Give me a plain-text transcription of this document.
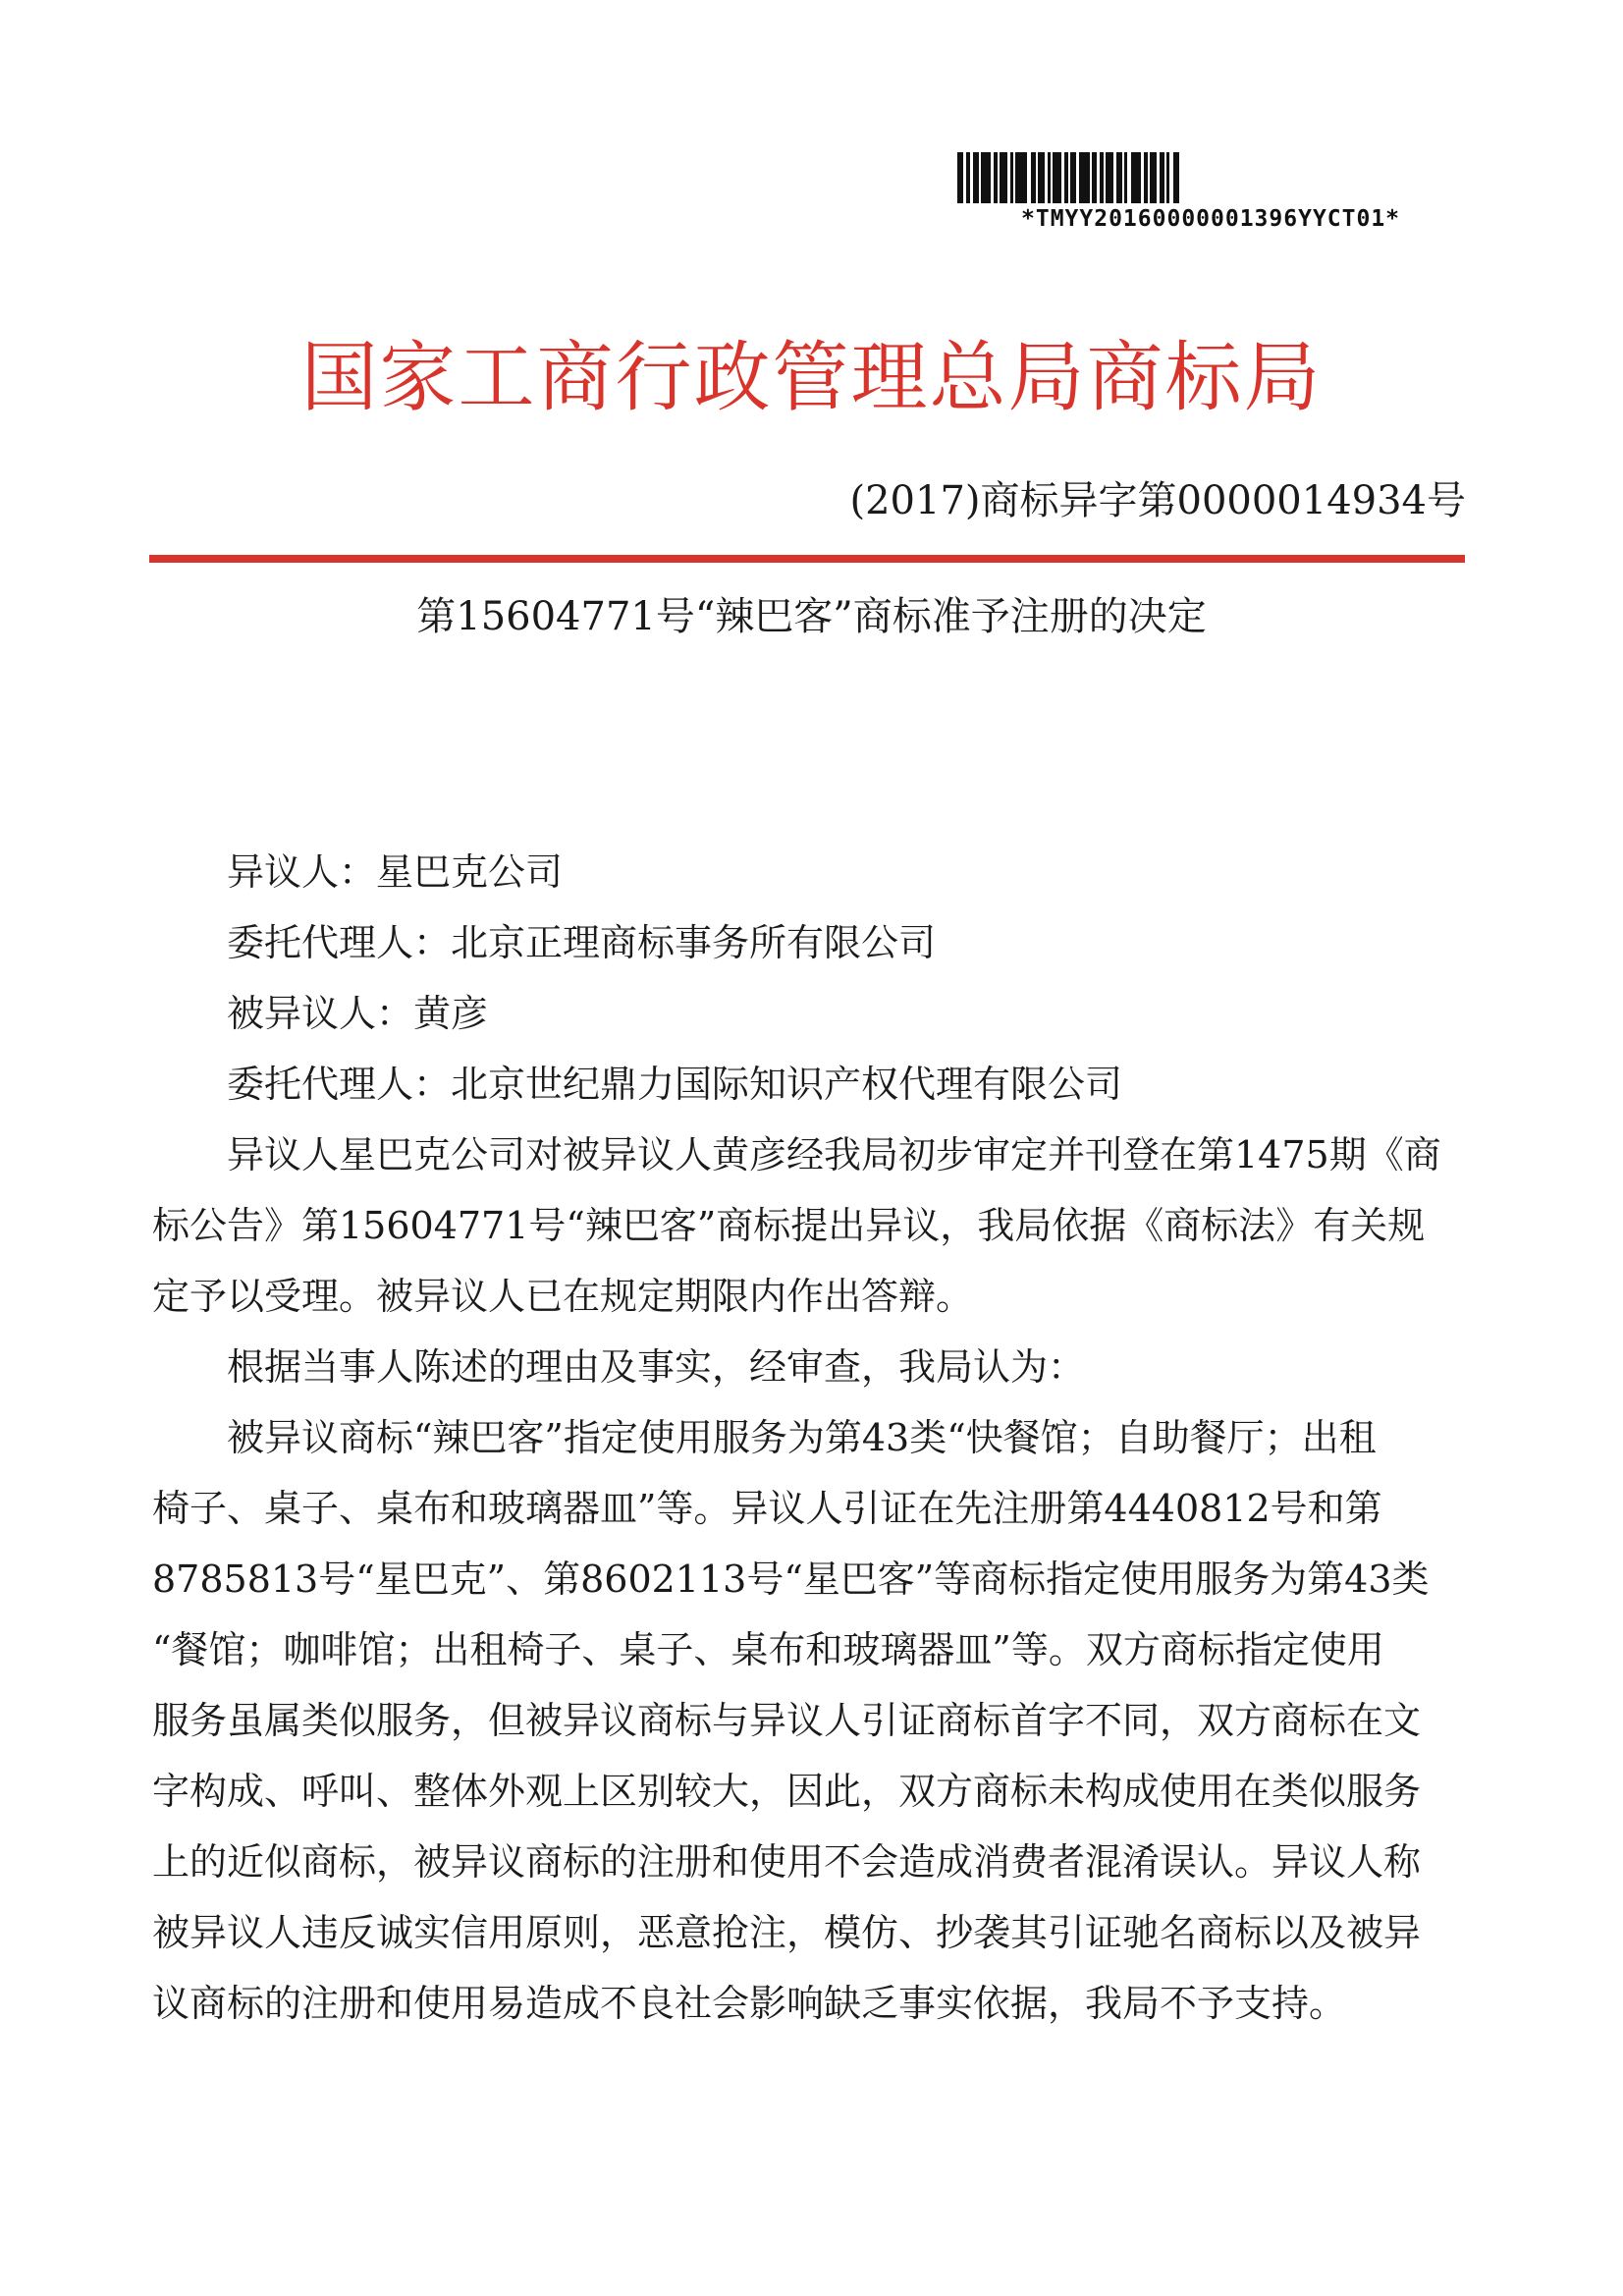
*TMYY20160000001396YYCT01*
国家工商行政管理总局商标局
(2017)商标异字第0000014934号
第15604771号“辣巴客”商标准予注册的决定
异议人：星巴克公司
委托代理人：北京正理商标事务所有限公司
被异议人：黄彦
委托代理人：北京世纪鼎力国际知识产权代理有限公司
异议人星巴克公司对被异议人黄彦经我局初步审定并刊登在第1475期《商
标公告》第15604771号“辣巴客”商标提出异议，我局依据《商标法》有关规
定予以受理。被异议人已在规定期限内作出答辩。
根据当事人陈述的理由及事实，经审查，我局认为：
被异议商标“辣巴客”指定使用服务为第43类“快餐馆；自助餐厅；出租
椅子、桌子、桌布和玻璃器皿”等。异议人引证在先注册第4440812号和第
8785813号“星巴克”、第8602113号“星巴客”等商标指定使用服务为第43类
“餐馆；咖啡馆；出租椅子、桌子、桌布和玻璃器皿”等。双方商标指定使用
服务虽属类似服务，但被异议商标与异议人引证商标首字不同，双方商标在文
字构成、呼叫、整体外观上区别较大，因此，双方商标未构成使用在类似服务
上的近似商标，被异议商标的注册和使用不会造成消费者混淆误认。异议人称
被异议人违反诚实信用原则，恶意抢注，模仿、抄袭其引证驰名商标以及被异
议商标的注册和使用易造成不良社会影响缺乏事实依据，我局不予支持。
